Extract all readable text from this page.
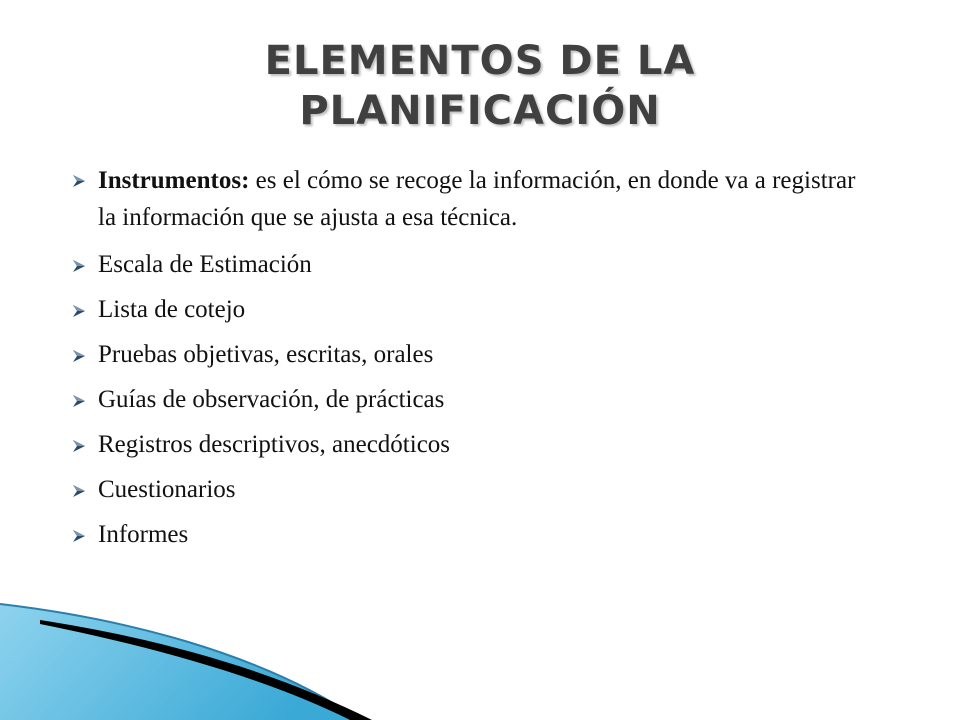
ELEMENTOS DE LA
PLANIFICACIÓN
Instrumentos: es el cómo se recoge la información, en donde va a registrar la información que se ajusta a esa técnica.
Escala de Estimación
Lista de cotejo
Pruebas objetivas, escritas, orales
Guías de observación, de prácticas
Registros descriptivos, anecdóticos
Cuestionarios
Informes
